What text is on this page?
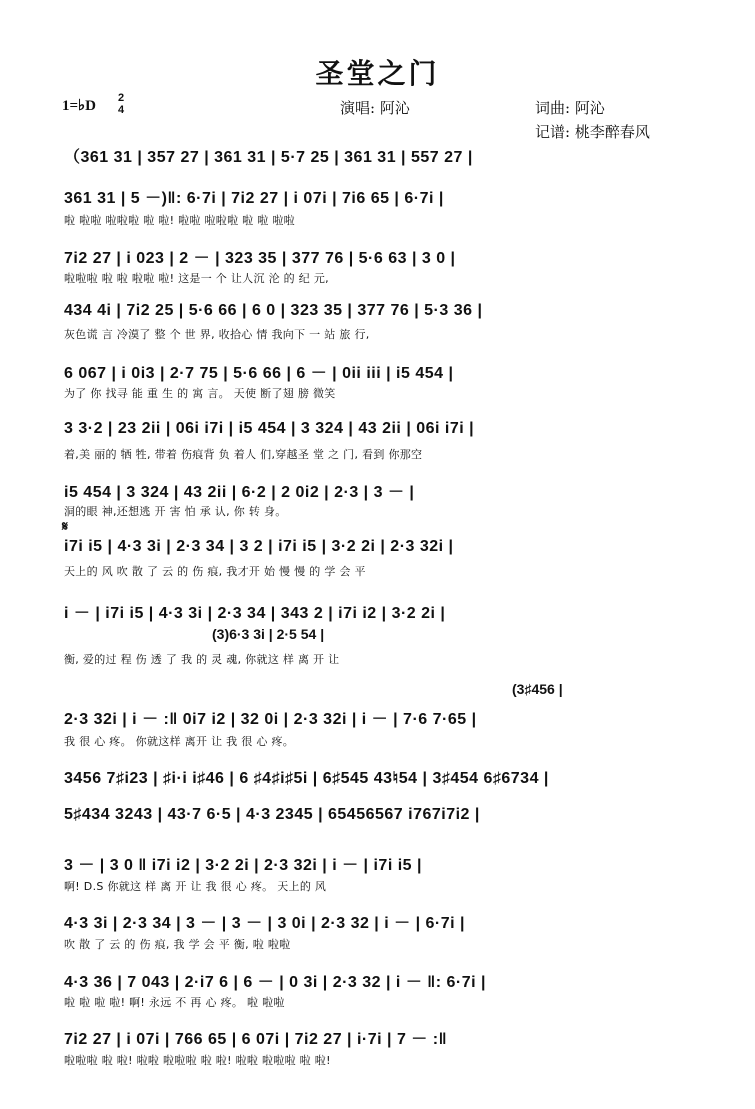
圣堂之门
1=♭D 2
4	演唱: 阿沁	词曲: 阿沁
记谱: 桃李醉春风
（361 31 | 357 27 | 361 31 | 5·7 25 | 361 31 | 557 27 |
361 31 | 5 －)‖: 6·7i | 7i2 27 | i 07i | 7i6 65 | 6·7i |
啦 啦啦 啦啦啦 啦 啦! 啦啦 啦啦啦 啦 啦 啦啦
7i2 27 | i 023 | 2 － | 323 35 | 377 76 | 5·6 63 | 3 0 |
啦啦啦 啦 啦 啦啦 啦! 这是一 个 让人沉 沦 的 纪 元,
434 4i | 7i2 25 | 5·6 66 | 6 0 | 323 35 | 377 76 | 5·3 36 |
灰色谎 言 冷漠了 整 个 世 界, 收拾心 情 我向下 一 站 旅 行,
6 067 | i 0i3 | 2·7 75 | 5·6 66 | 6 － | 0ii iii | i5 454 |
为了 你 找寻 能 重 生 的 寓 言。 天使 断了翅 膀 微笑
3 3·2 | 23 2ii | 06i i7i | i5 454 | 3 324 | 43 2ii | 06i i7i |
着,美 丽的 牺 牲, 带着 伤痕背 负 着人 们,穿越圣 堂 之 门, 看到 你那空
i5 454 | 3 324 | 43 2ii | 6·2 | 2 0i2 | 2·3 | 3 － |
洞的眼 神,还想逃 开 害 怕 承 认, 你 转 身。
𝄋
i7i i5 | 4·3 3i | 2·3 34 | 3 2 | i7i i5 | 3·2 2i | 2·3 32i |
天上的 风 吹 散 了 云 的 伤 痕, 我才开 始 慢 慢 的 学 会 平
i － | i7i i5 | 4·3 3i | 2·3 34 | 343 2 | i7i i2 | 3·2 2i |
(3)6·3 3i | 2·5 54 |
衡, 爱的过 程 伤 透 了 我 的 灵 魂, 你就这 样 离 开 让
(3♯456 |
2·3 32i | i － :‖ 0i7 i2 | 32 0i | 2·3 32i | i － | 7·6 7·65 |
我 很 心 疼。 你就这样 离开 让 我 很 心 疼。
3456 7♯i23 | ♯i·i i♯46 | 6 ♯4♯i♯5i | 6♯545 43♮54 | 3♯454 6♯6734 |
5♯434 3243 | 43·7 6·5 | 4·3 2345 | 65456567 i767i7i2 |
3 － | 3 0 ‖ i7i i2 | 3·2 2i | 2·3 32i | i － | i7i i5 |
啊! D.S 你就这 样 离 开 让 我 很 心 疼。 天上的 风
4·3 3i | 2·3 34 | 3 － | 3 － | 3 0i | 2·3 32 | i － | 6·7i |
吹 散 了 云 的 伤 痕, 我 学 会 平 衡, 啦 啦啦
4·3 36 | 7 043 | 2·i7 6 | 6 － | 0 3i | 2·3 32 | i － ‖: 6·7i |
啦 啦 啦 啦! 啊! 永远 不 再 心 疼。 啦 啦啦
7i2 27 | i 07i | 766 65 | 6 07i | 7i2 27 | i·7i | 7 － :‖
啦啦啦 啦 啦! 啦啦 啦啦啦 啦 啦! 啦啦 啦啦啦 啦 啦!
